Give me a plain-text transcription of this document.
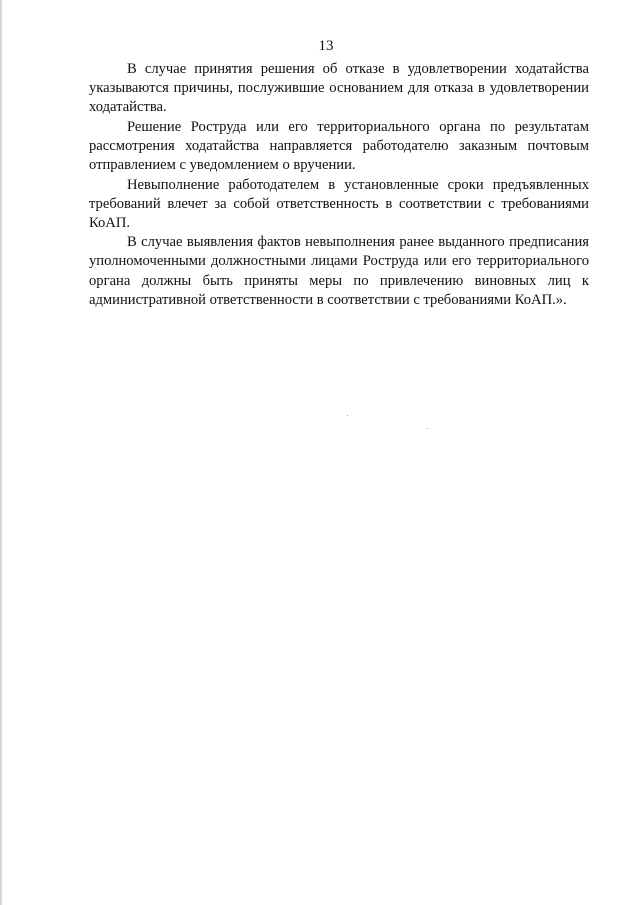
13

В случае принятия решения об отказе в удовлетворении ходатайства указываются причины, послужившие основанием для отказа в удовлетворении ходатайства.

Решение Роструда или его территориального органа по результатам рассмотрения ходатайства направляется работодателю заказным почтовым отправлением с уведомлением о вручении.

Невыполнение работодателем в установленные сроки предъявленных требований влечет за собой ответственность в соответствии с требованиями КоАП.

В случае выявления фактов невыполнения ранее выданного предписания уполномоченными должностными лицами Роструда или его территориального органа должны быть приняты меры по привлечению виновных лиц к административной ответственности в соответствии с требованиями КоАП.».
